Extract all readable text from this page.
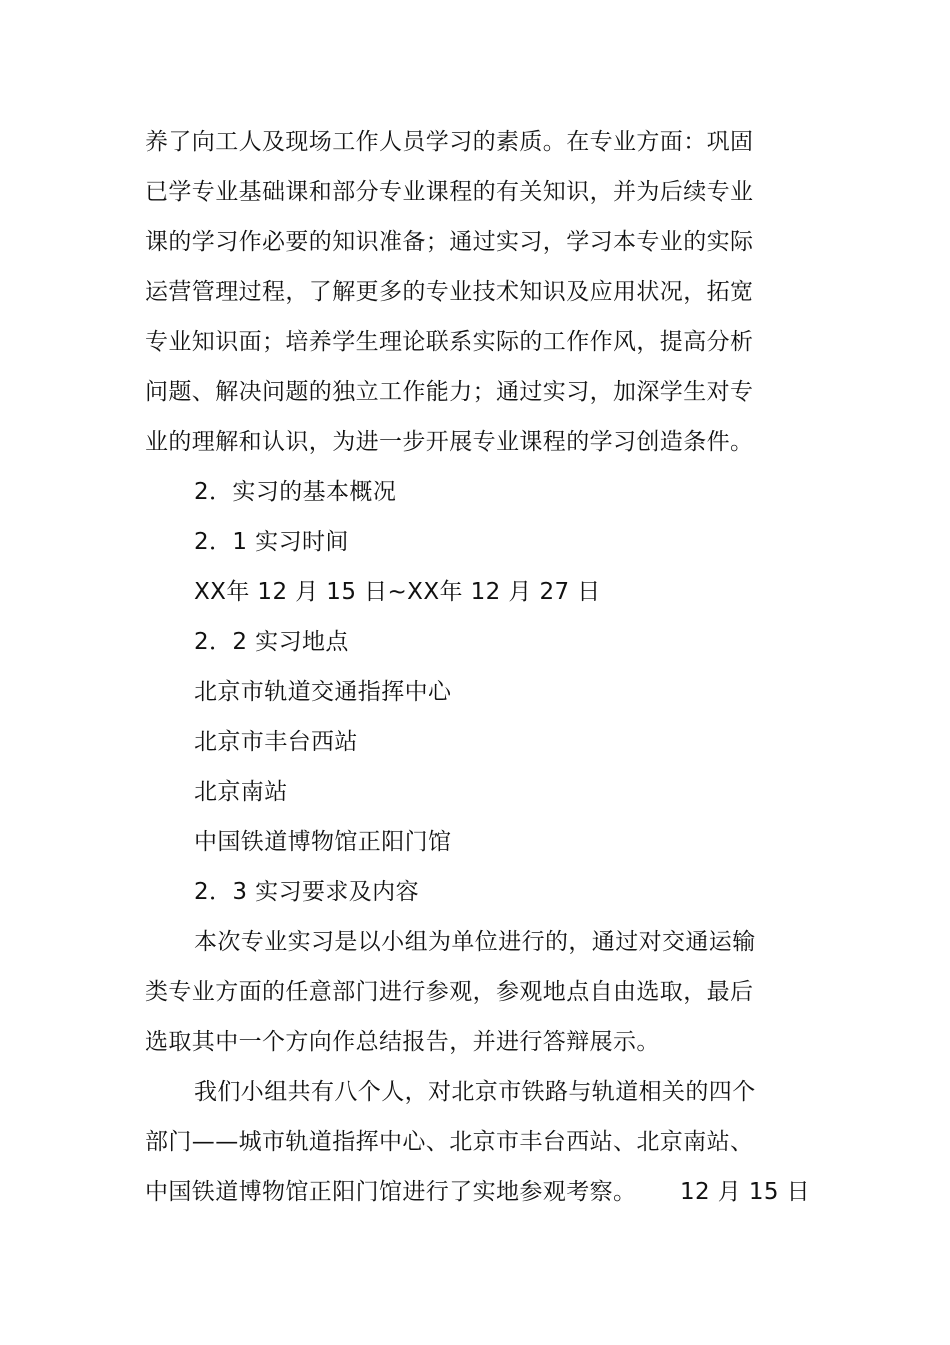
养了向工人及现场工作人员学习的素质。在专业方面：巩固
已学专业基础课和部分专业课程的有关知识，并为后续专业
课的学习作必要的知识准备；通过实习，学习本专业的实际
运营管理过程，了解更多的专业技术知识及应用状况，拓宽
专业知识面；培养学生理论联系实际的工作作风，提高分析
问题、解决问题的独立工作能力；通过实习，加深学生对专
业的理解和认识，为进一步开展专业课程的学习创造条件。
2．实习的基本概况
2．1 实习时间
XX年 12 月 15 日~XX年 12 月 27 日
2．2 实习地点
北京市轨道交通指挥中心
北京市丰台西站
北京南站
中国铁道博物馆正阳门馆
2．3 实习要求及内容
本次专业实习是以小组为单位进行的，通过对交通运输
类专业方面的任意部门进行参观，参观地点自由选取，最后
选取其中一个方向作总结报告，并进行答辩展示。
我们小组共有八个人，对北京市铁路与轨道相关的四个
部门——城市轨道指挥中心、北京市丰台西站、北京南站、
中国铁道博物馆正阳门馆进行了实地参观考察。 12 月 15 日
